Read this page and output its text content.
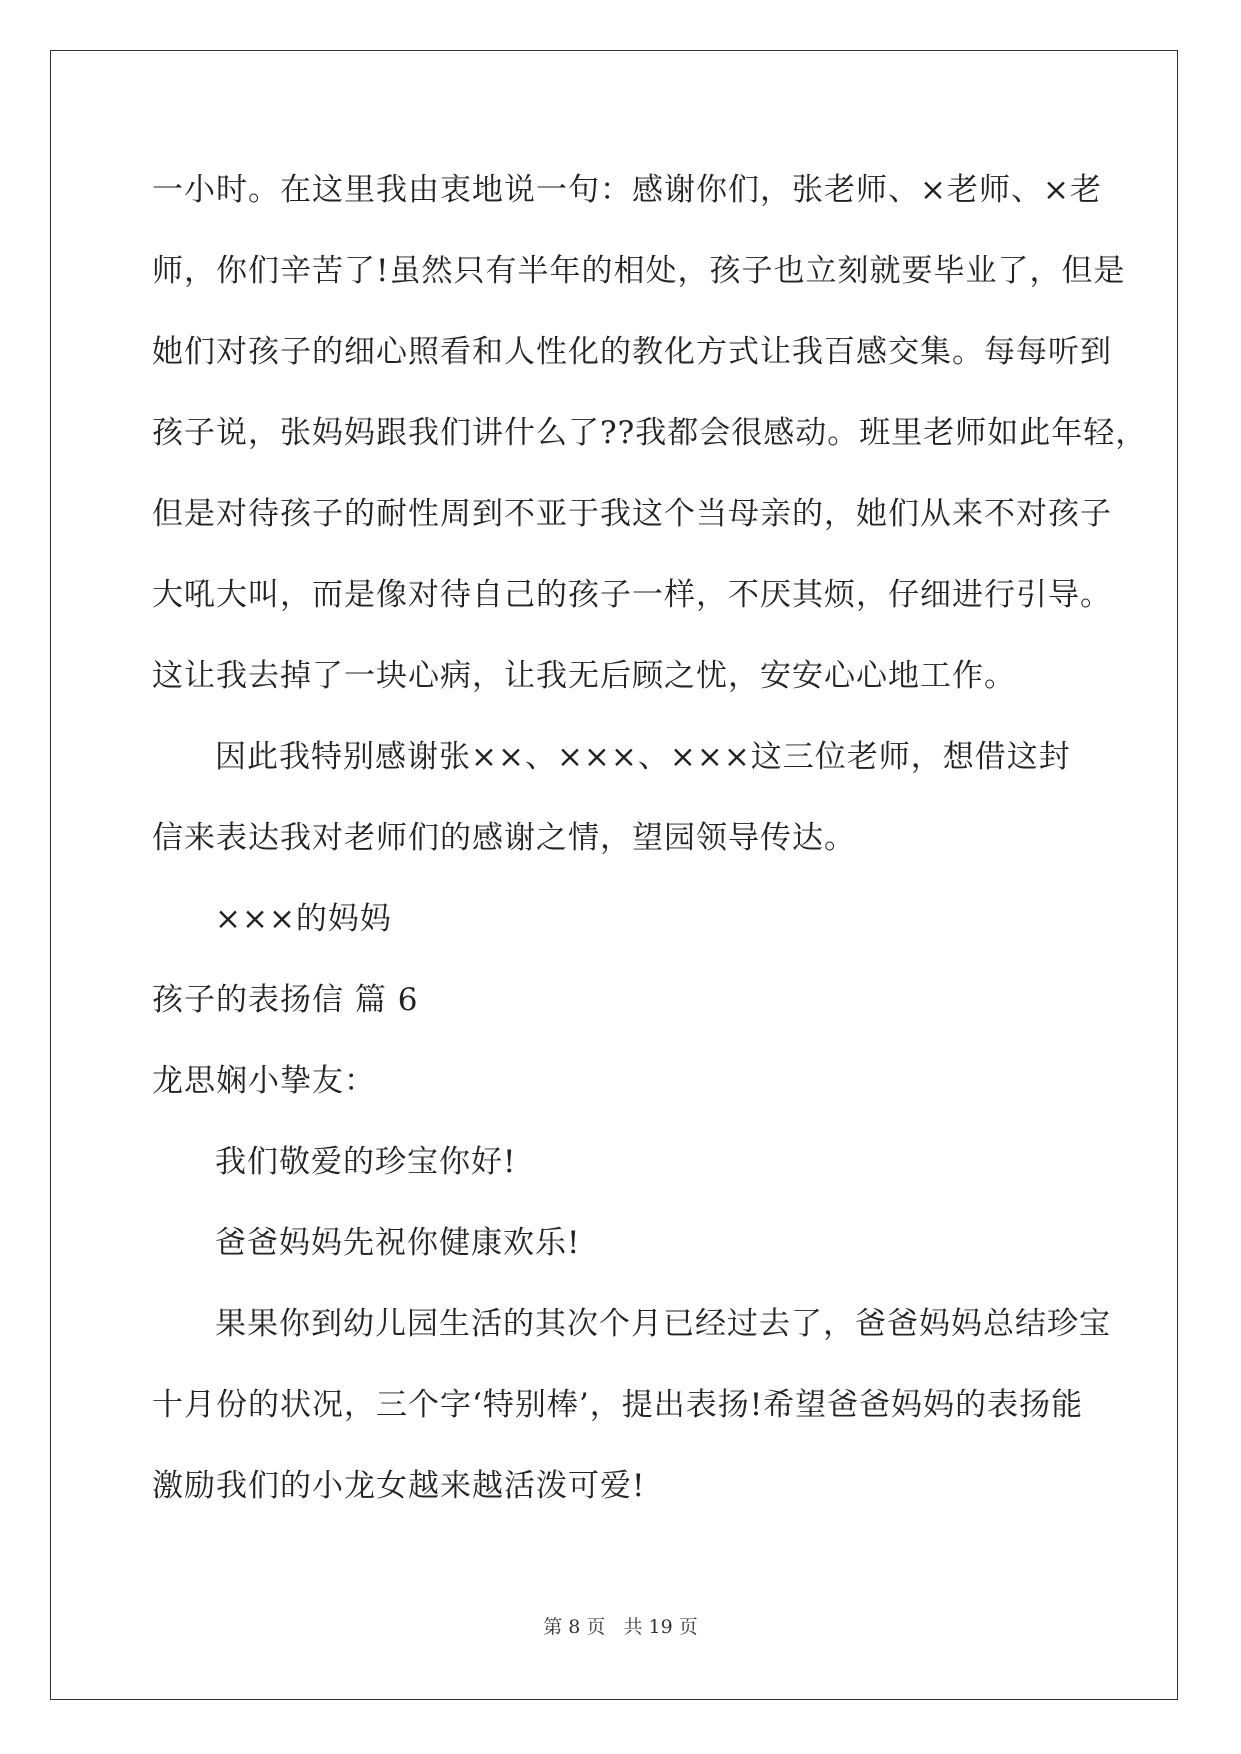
一小时。在这里我由衷地说一句：感谢你们，张老师、×老师、×老
师，你们辛苦了!虽然只有半年的相处，孩子也立刻就要毕业了，但是
她们对孩子的细心照看和人性化的教化方式让我百感交集。每每听到
孩子说，张妈妈跟我们讲什么了??我都会很感动。班里老师如此年轻，
但是对待孩子的耐性周到不亚于我这个当母亲的，她们从来不对孩子
大吼大叫，而是像对待自己的孩子一样，不厌其烦，仔细进行引导。
这让我去掉了一块心病，让我无后顾之忧，安安心心地工作。
因此我特别感谢张××、×××、×××这三位老师，想借这封
信来表达我对老师们的感谢之情，望园领导传达。
×××的妈妈
孩子的表扬信 篇 6
龙思娴小挚友：
我们敬爱的珍宝你好!
爸爸妈妈先祝你健康欢乐!
果果你到幼儿园生活的其次个月已经过去了，爸爸妈妈总结珍宝
十月份的状况，三个字‘特别棒’，提出表扬!希望爸爸妈妈的表扬能
激励我们的小龙女越来越活泼可爱!
第 8 页 共 19 页
